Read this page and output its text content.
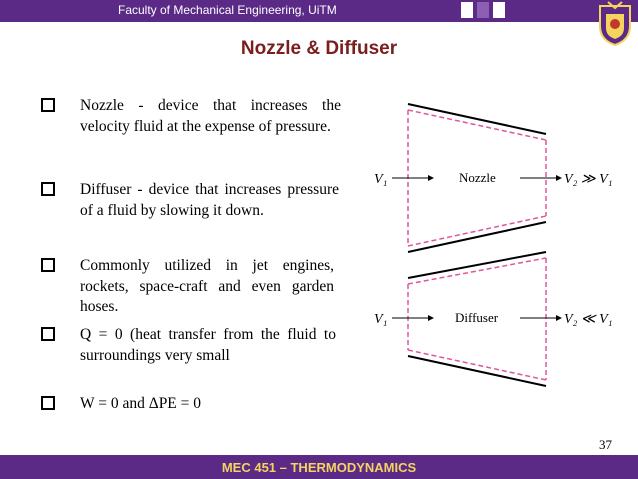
Faculty of Mechanical Engineering, UiTM
Nozzle & Diffuser
Nozzle - device that increases the velocity fluid at the expense of pressure.
Diffuser - device that increases pressure of a fluid by slowing it down.
Commonly utilized in jet engines, rockets, space-craft and even garden hoses.
Q = 0 (heat transfer from the fluid to surroundings very small
W = 0 and ΔPE = 0
V₁	Nozzle	V₂ ≫ V₁
V₁	Diffuser	V₂ ≪ V₁
37
MEC 451 – THERMODYNAMICS
